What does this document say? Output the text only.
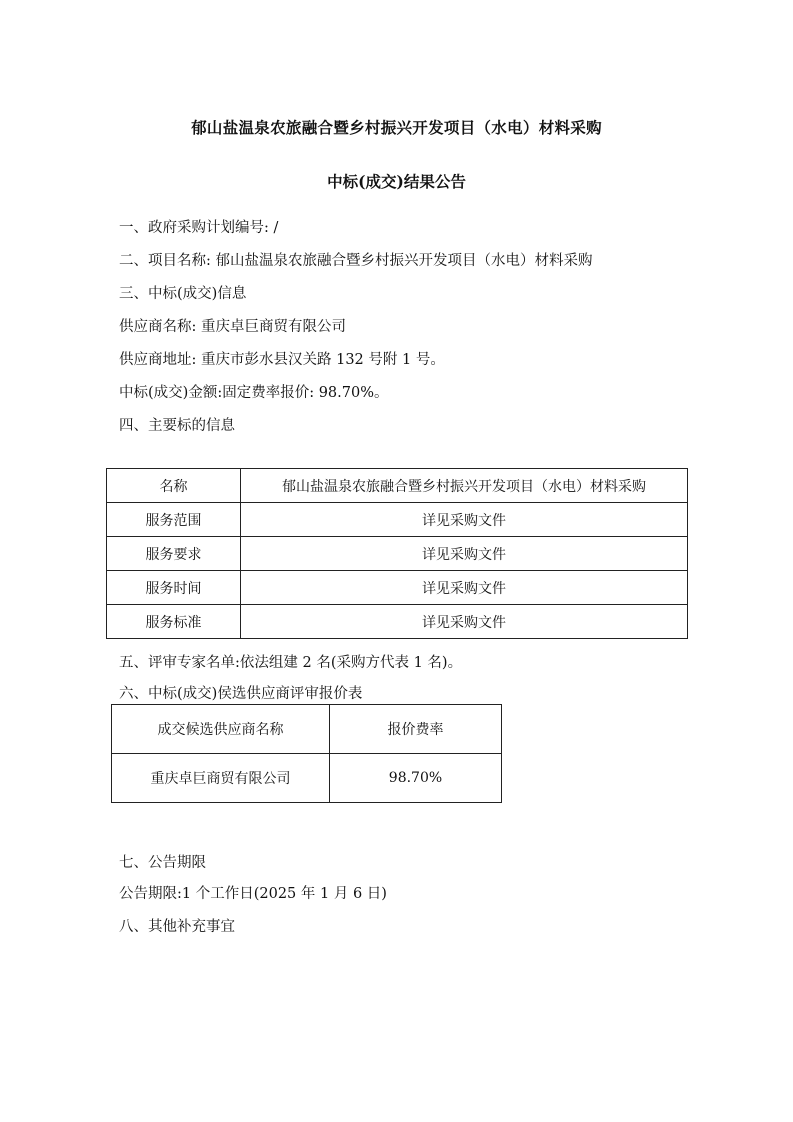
郁山盐温泉农旅融合暨乡村振兴开发项目（水电）材料采购
中标(成交)结果公告
一、政府采购计划编号: /
二、项目名称: 郁山盐温泉农旅融合暨乡村振兴开发项目（水电）材料采购
三、中标(成交)信息
供应商名称: 重庆卓巨商贸有限公司
供应商地址: 重庆市彭水县汉关路 132 号附 1 号。
中标(成交)金额:固定费率报价: 98.70%。
四、主要标的信息
名称	郁山盐温泉农旅融合暨乡村振兴开发项目（水电）材料采购
服务范围	详见采购文件
服务要求	详见采购文件
服务时间	详见采购文件
服务标准	详见采购文件
五、评审专家名单:依法组建 2 名(采购方代表 1 名)。
六、中标(成交)侯选供应商评审报价表
成交候选供应商名称	报价费率
重庆卓巨商贸有限公司	98.70%
七、公告期限
公告期限:1 个工作日(2025 年 1 月 6 日)
八、其他补充事宜
